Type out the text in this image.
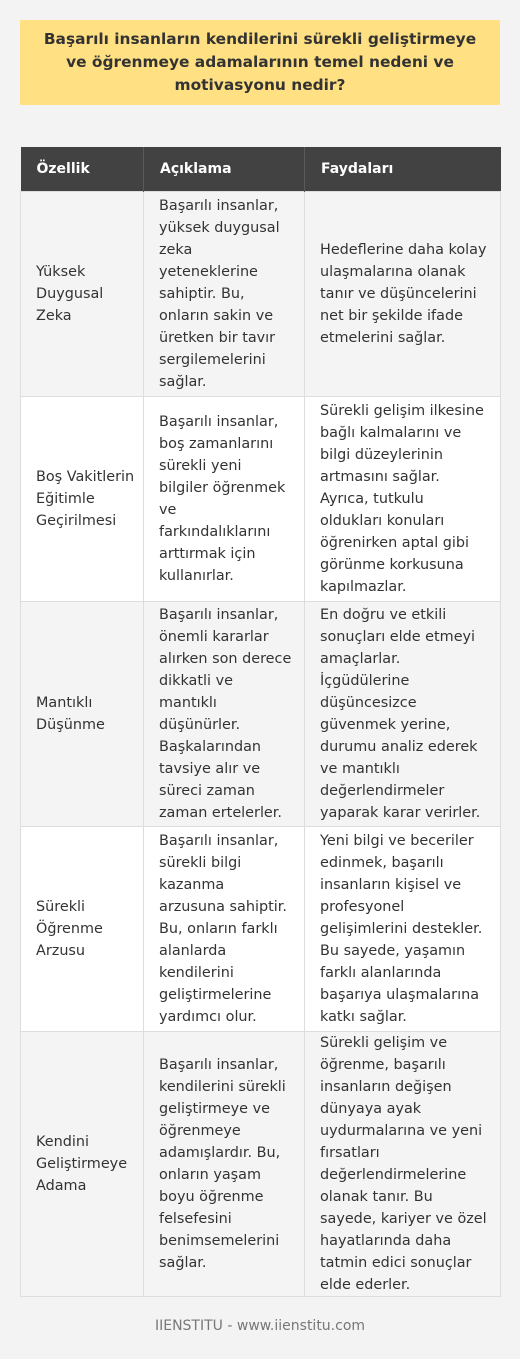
Başarılı insanların kendilerini sürekli geliştirmeye ve öğrenmeye adamalarının temel nedeni ve motivasyonu nedir?
Özellik	Açıklama	Faydaları
Yüksek Duygusal Zeka	Başarılı insanlar, yüksek duygusal zeka yeteneklerine sahiptir. Bu, onların sakin ve üretken bir tavır sergilemelerini sağlar.	Hedeflerine daha kolay ulaşmalarına olanak tanır ve düşüncelerini net bir şekilde ifade etmelerini sağlar.
Boş Vakitlerin Eğitimle Geçirilmesi	Başarılı insanlar, boş zamanlarını sürekli yeni bilgiler öğrenmek ve farkındalıklarını arttırmak için kullanırlar.	Sürekli gelişim ilkesine bağlı kalmalarını ve bilgi düzeylerinin artmasını sağlar. Ayrıca, tutkulu oldukları konuları öğrenirken aptal gibi görünme korkusuna kapılmazlar.
Mantıklı Düşünme	Başarılı insanlar, önemli kararlar alırken son derece dikkatli ve mantıklı düşünürler. Başkalarından tavsiye alır ve süreci zaman zaman ertelerler.	En doğru ve etkili sonuçları elde etmeyi amaçlarlar. İçgüdülerine düşüncesizce güvenmek yerine, durumu analiz ederek ve mantıklı değerlendirmeler yaparak karar verirler.
Sürekli Öğrenme Arzusu	Başarılı insanlar, sürekli bilgi kazanma arzusuna sahiptir. Bu, onların farklı alanlarda kendilerini geliştirmelerine yardımcı olur.	Yeni bilgi ve beceriler edinmek, başarılı insanların kişisel ve profesyonel gelişimlerini destekler. Bu sayede, yaşamın farklı alanlarında başarıya ulaşmalarına katkı sağlar.
Kendini Geliştirmeye Adama	Başarılı insanlar, kendilerini sürekli geliştirmeye ve öğrenmeye adamışlardır. Bu, onların yaşam boyu öğrenme felsefesini benimsemelerini sağlar.	Sürekli gelişim ve öğrenme, başarılı insanların değişen dünyaya ayak uydurmalarına ve yeni fırsatları değerlendirmelerine olanak tanır. Bu sayede, kariyer ve özel hayatlarında daha tatmin edici sonuçlar elde ederler.
IIENSTITU - www.iienstitu.com
